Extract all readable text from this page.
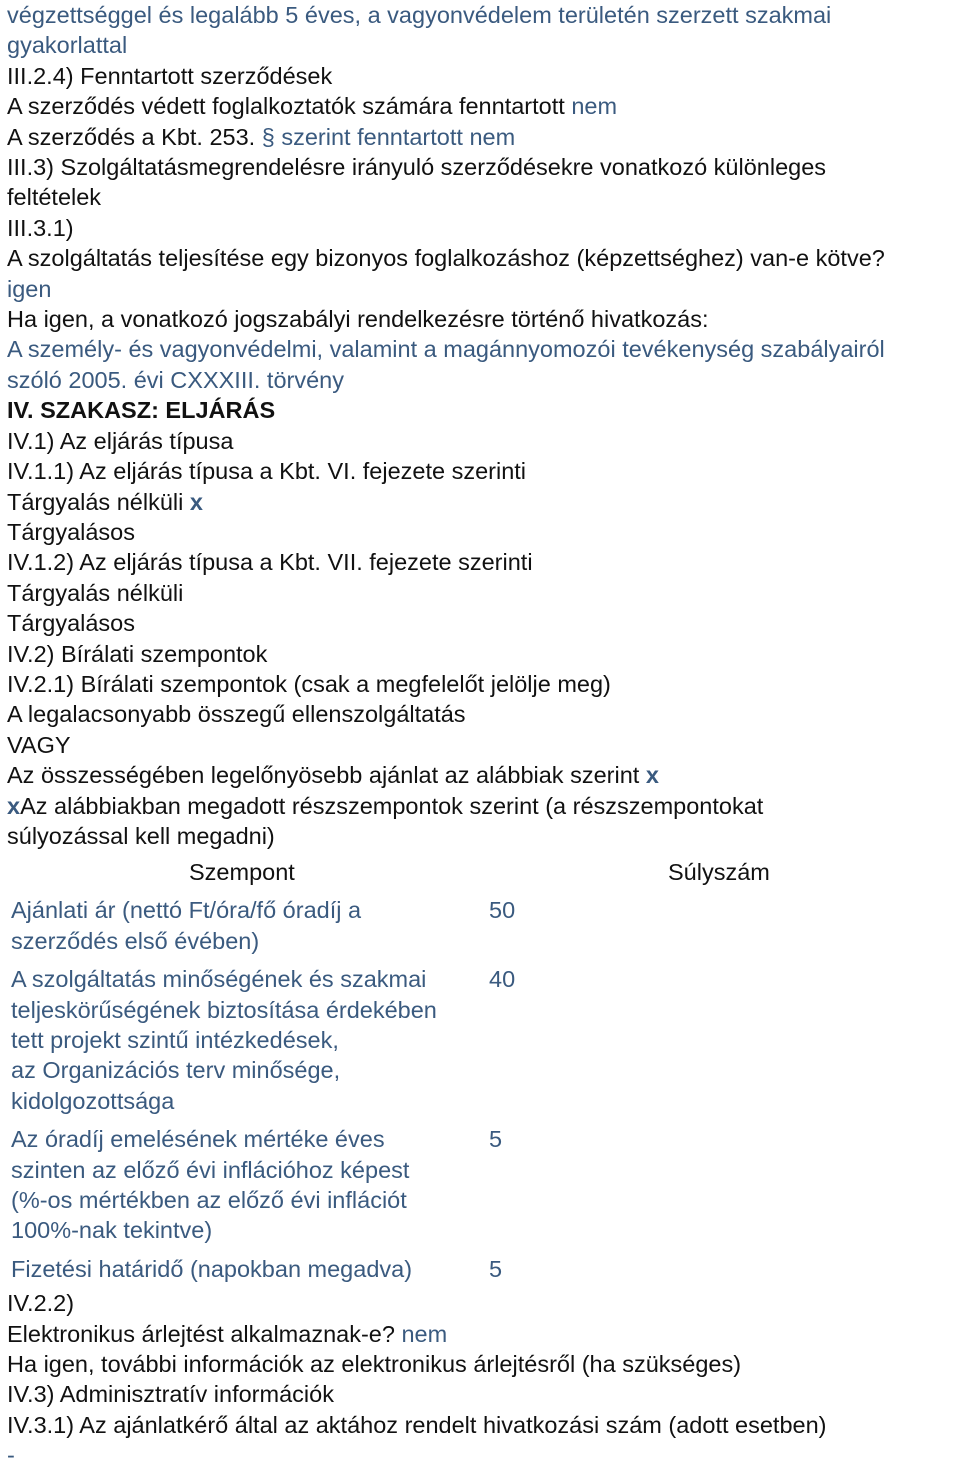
végzettséggel és legalább 5 éves, a vagyonvédelem területén szerzett szakmai
gyakorlattal
III.2.4) Fenntartott szerződések
A szerződés védett foglalkoztatók számára fenntartott nem
A szerződés a Kbt. 253. § szerint fenntartott nem
III.3) Szolgáltatásmegrendelésre irányuló szerződésekre vonatkozó különleges
feltételek
III.3.1)
A szolgáltatás teljesítése egy bizonyos foglalkozáshoz (képzettséghez) van-e kötve?
igen
Ha igen, a vonatkozó jogszabályi rendelkezésre történő hivatkozás:
A személy- és vagyonvédelmi, valamint a magánnyomozói tevékenység szabályairól
szóló 2005. évi CXXXIII. törvény
IV. SZAKASZ: ELJÁRÁS
IV.1) Az eljárás típusa
IV.1.1) Az eljárás típusa a Kbt. VI. fejezete szerinti
Tárgyalás nélküli x
Tárgyalásos
IV.1.2) Az eljárás típusa a Kbt. VII. fejezete szerinti
Tárgyalás nélküli
Tárgyalásos
IV.2) Bírálati szempontok
IV.2.1) Bírálati szempontok (csak a megfelelőt jelölje meg)
A legalacsonyabb összegű ellenszolgáltatás
VAGY
Az összességében legelőnyösebb ajánlat az alábbiak szerint x
xAz alábbiakban megadott részszempontok szerint (a részszempontokat
súlyozással kell megadni)
Szempont	Súlyszám
Ajánlati ár (nettó Ft/óra/fő óradíj a
szerződés első évében)
50
A szolgáltatás minőségének és szakmai
teljeskörűségének biztosítása érdekében
tett projekt szintű intézkedések,
az Organizációs terv minősége,
kidolgozottsága
40
Az óradíj emelésének mértéke éves
szinten az előző évi inflációhoz képest
(%-os mértékben az előző évi inflációt
100%-nak tekintve)
5
Fizetési határidő (napokban megadva)	5
IV.2.2)
Elektronikus árlejtést alkalmaznak-e? nem
Ha igen, további információk az elektronikus árlejtésről (ha szükséges)
IV.3) Adminisztratív információk
IV.3.1) Az ajánlatkérő által az aktához rendelt hivatkozási szám (adott esetben)
-
